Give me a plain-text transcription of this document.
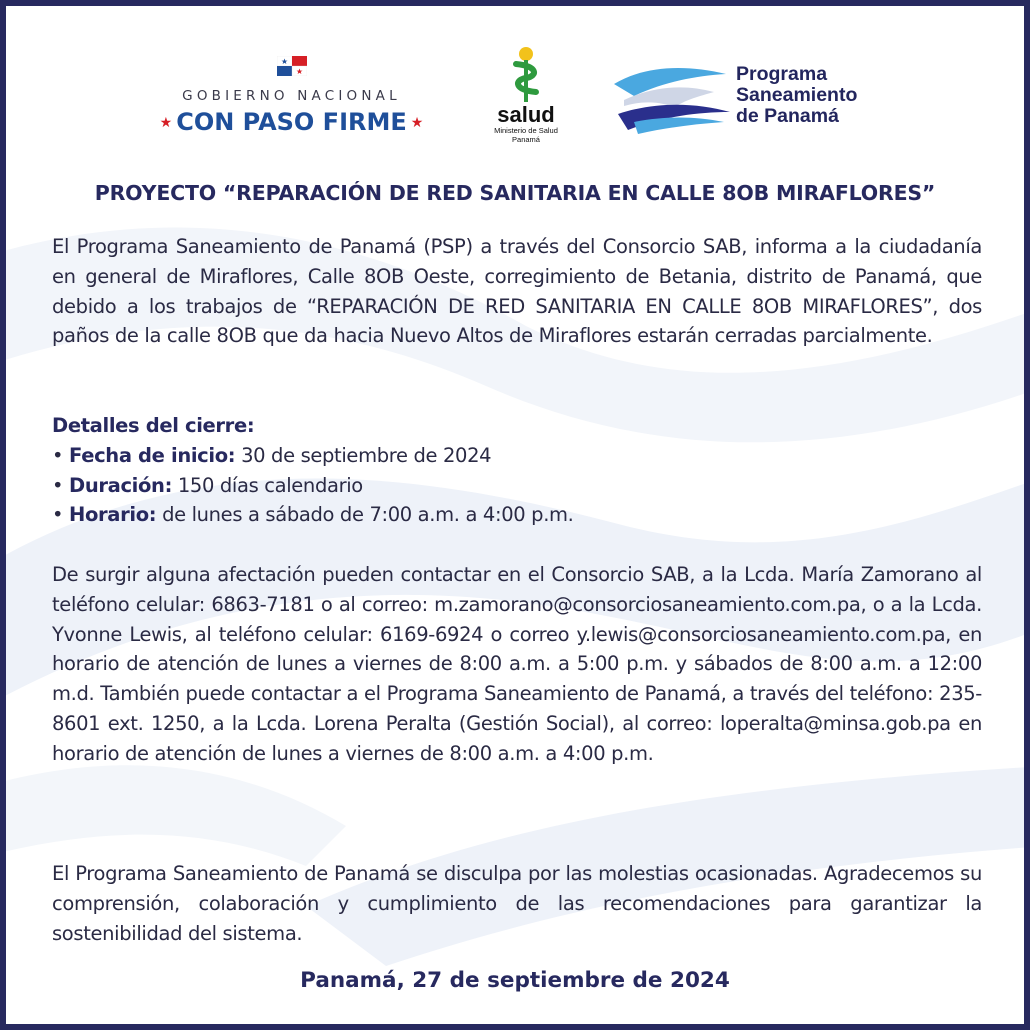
GOBIERNO NACIONAL
★ CON PASO FIRME ★	salud
Ministerio de Salud
Panamá
Programa
Saneamiento
de Panamá
PROYECTO “REPARACIÓN DE RED SANITARIA EN CALLE 8OB MIRAFLORES”
El Programa Saneamiento de Panamá (PSP) a través del Consorcio SAB, informa a la ciudadanía en general de Miraflores, Calle 8OB Oeste, corregimiento de Betania, distrito de Panamá, que debido a los trabajos de “REPARACIÓN DE RED SANITARIA EN CALLE 8OB MIRAFLORES”, dos paños de la calle 8OB que da hacia Nuevo Altos de Miraflores estarán cerradas parcialmente.
Detalles del cierre:
• Fecha de inicio: 30 de septiembre de 2024
• Duración: 150 días calendario
• Horario: de lunes a sábado de 7:00 a.m. a 4:00 p.m.
De surgir alguna afectación pueden contactar en el Consorcio SAB, a la Lcda. María Zamorano al teléfono celular: 6863-7181 o al correo: m.zamorano@consorciosaneamiento.com.pa, o a la Lcda. Yvonne Lewis, al teléfono celular: 6169-6924 o correo y.lewis@consorciosaneamiento.com.pa, en horario de atención de lunes a viernes de 8:00 a.m. a 5:00 p.m. y sábados de 8:00 a.m. a 12:00 m.d. También puede contactar a el Programa Saneamiento de Panamá, a través del teléfono: 235-8601 ext. 1250, a la Lcda. Lorena Peralta (Gestión Social), al correo: loperalta@minsa.gob.pa en horario de atención de lunes a viernes de 8:00 a.m. a 4:00 p.m.
El Programa Saneamiento de Panamá se disculpa por las molestias ocasionadas. Agradecemos su comprensión, colaboración y cumplimiento de las recomendaciones para garantizar la sostenibilidad del sistema.
Panamá, 27 de septiembre de 2024
